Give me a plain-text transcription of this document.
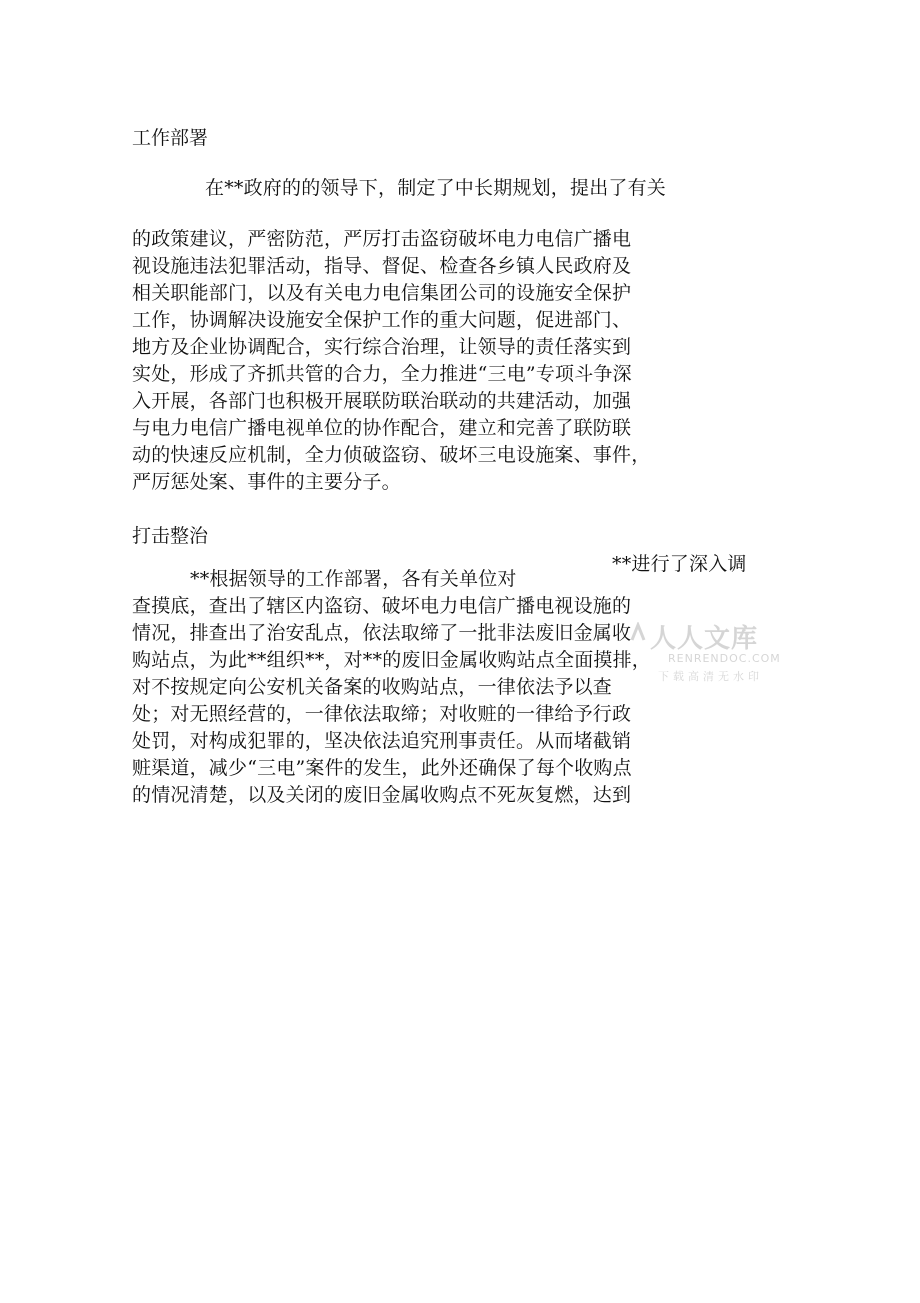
工作部署
在**政府的的领导下，制定了中长期规划，提出了有关
的政策建议，严密防范，严厉打击盗窃破坏电力电信广播电
视设施违法犯罪活动，指导、督促、检查各乡镇人民政府及
相关职能部门，以及有关电力电信集团公司的设施安全保护
工作，协调解决设施安全保护工作的重大问题，促进部门、
地方及企业协调配合，实行综合治理，让领导的责任落实到
实处，形成了齐抓共管的合力，全力推进“三电”专项斗争深
入开展，各部门也积极开展联防联治联动的共建活动，加强
与电力电信广播电视单位的协作配合，建立和完善了联防联
动的快速反应机制，全力侦破盗窃、破坏三电设施案、事件，
严厉惩处案、事件的主要分子。
打击整治
**进行了深入调
**根据领导的工作部署，各有关单位对
查摸底，查出了辖区内盗窃、破坏电力电信广播电视设施的
情况，排查出了治安乱点，依法取缔了一批非法废旧金属收
购站点，为此**组织**，对**的废旧金属收购站点全面摸排，
对不按规定向公安机关备案的收购站点，一律依法予以查
处；对无照经营的，一律依法取缔；对收赃的一律给予行政
处罚，对构成犯罪的，坚决依法追究刑事责任。从而堵截销
赃渠道，减少“三电”案件的发生，此外还确保了每个收购点
的情况清楚，以及关闭的废旧金属收购点不死灰复燃，达到
人人文库
RENRENDOC.COM
下载高清无水印
